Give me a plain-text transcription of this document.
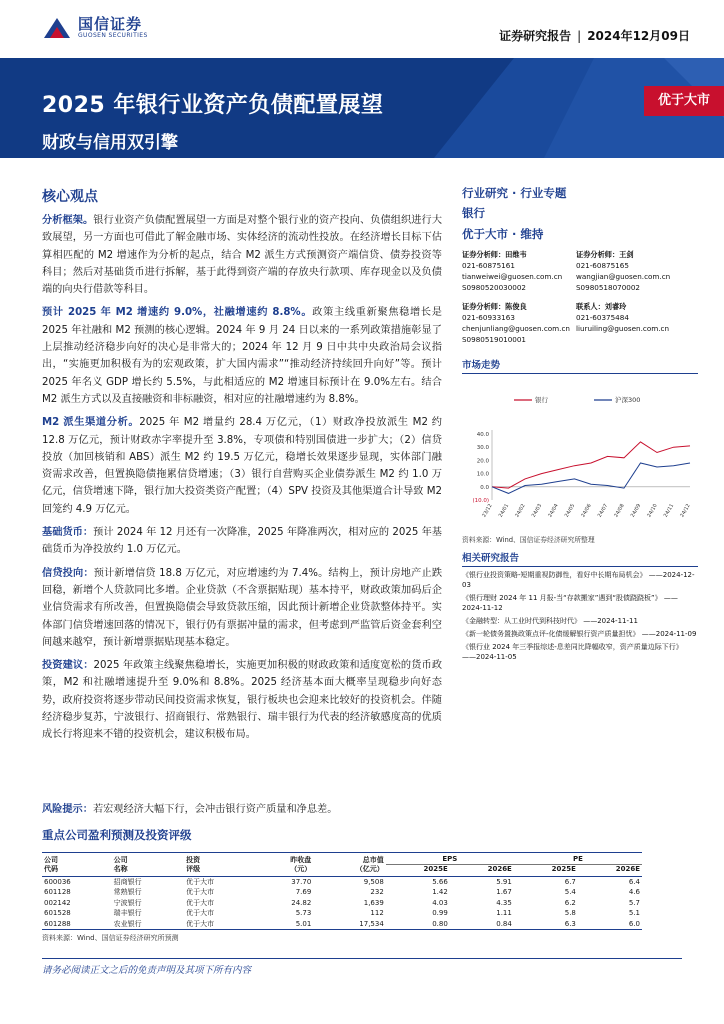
国信证券
GUOSEN SECURITIES	证券研究报告 | 2024年12月09日
2025 年银行业资产负债配置展望
财政与信用双引擎
优于大市
核心观点

分析框架。银行业资产负债配置展望一方面是对整个银行业的资产投向、负债组织进行大致展望，另一方面也可借此了解金融市场、实体经济的流动性投放。在经济增长目标下估算相匹配的 M2 增速作为分析的起点，结合 M2 派生方式预测资产端信贷、债券投资等科目；然后对基础货币进行拆解，基于此得到资产端的存放央行款项、库存现金以及负债端的向央行借款等科目。

预计 2025 年 M2 增速约 9.0%，社融增速约 8.8%。政策主线重新聚焦稳增长是 2025 年社融和 M2 预测的核心逻辑。2024 年 9 月 24 日以来的一系列政策措施彰显了上层推动经济稳步向好的决心是非常大的；2024 年 12 月 9 日中共中央政治局会议指出，“实施更加积极有为的宏观政策，扩大国内需求”“推动经济持续回升向好”等。预计 2025 年名义 GDP 增长约 5.5%，与此相适应的 M2 增速目标预计在 9.0%左右。结合 M2 派生方式以及直接融资和非标融资，相对应的社融增速约为 8.8%。

M2 派生渠道分析。2025 年 M2 增量约 28.4 万亿元，（1）财政净投放派生 M2 约 12.8 万亿元，预计财政赤字率提升至 3.8%，专项债和特别国债进一步扩大；（2）信贷投放（加回核销和 ABS）派生 M2 约 19.5 万亿元，稳增长效果逐步显现，实体部门融资需求改善，但置换隐债拖累信贷增速；（3）银行自营购买企业债券派生 M2 约 1.0 万亿元，信贷增速下降，银行加大投资类资产配置；（4）SPV 投资及其他渠道合计导致 M2 回笼约 4.9 万亿元。

基础货币：预计 2024 年 12 月还有一次降准，2025 年降准两次，相对应的 2025 年基础货币为净投放约 1.0 万亿元。

信贷投向：预计新增信贷 18.8 万亿元，对应增速约为 7.4%。结构上，预计房地产止跌回稳，新增个人贷款同比多增。企业贷款（不含票据贴现）基本持平，财政政策加码后企业信贷需求有所改善，但置换隐债会导致贷款压缩，因此预计新增企业贷款整体持平。实体部门信贷增速回落的情况下，银行仍有票据冲量的需求，但考虑到严监管后资金套利空间越来越窄，预计新增票据贴现基本稳定。

投资建议：2025 年政策主线聚焦稳增长，实施更加积极的财政政策和适度宽松的货币政策，M2 和社融增速提升至 9.0%和 8.8%。2025 经济基本面大概率呈现稳步向好态势，政府投资将逐步带动民间投资需求恢复，银行板块也会迎来比较好的投资机会。伴随经济稳步复苏，宁波银行、招商银行、常熟银行、瑞丰银行为代表的经济敏感度高的优质成长行将迎来不错的投资机会，建议积极布局。

风险提示：若宏观经济大幅下行，会冲击银行资产质量和净息差。

重点公司盈利预测及投资评级
公司	公司	投资	昨收盘	总市值	EPS		PE	
代码	名称	评级	（元）	（亿元）	2025E	2026E	2025E	2026E
600036	招商银行	优于大市	37.70	9,508	5.66	5.91	6.7	6.4
601128	常熟银行	优于大市	7.69	232	1.42	1.67	5.4	4.6
002142	宁波银行	优于大市	24.82	1,639	4.03	4.35	6.2	5.7
601528	瑞丰银行	优于大市	5.73	112	0.99	1.11	5.8	5.1
601288	农业银行	优于大市	5.01	17,534	0.80	0.84	6.3	6.0
资料来源：Wind、国信证券经济研究所预测
请务必阅读正文之后的免责声明及其项下所有内容
行业研究 · 行业专题
银行
优于大市 · 维持
证券分析师：田维韦
021-60875161
tianweiwei@guosen.com.cn
S0980520030002
证券分析师：王剑
021-60875165
wangjian@guosen.com.cn
S0980518070002
证券分析师：陈俊良
021-60933163
chenjunliang@guosen.com.cn
S0980519010001
联系人：刘睿玲
021-60375484
liuruiling@guosen.com.cn
市场走势
40.0
30.0
20.0
10.0
0.0
(10.0)
23/12 24/01 24/02 24/03 24/04 24/05 24/06 24/07 24/08 24/09 24/10 24/11 24/12
银行	沪深300
资料来源：Wind、国信证券经济研究所整理
相关研究报告
《银行业投资策略-短期重视防御性，看好中长期布局机会》 ——2024-12-03
《银行理财 2024 年 11 月报-当“存款搬家”遇到“股债跷跷板”》 ——2024-11-12
《金融转型：从工业时代到科技时代》 ——2024-11-11
《新一轮债务置换政策点评-化债缓解银行资产质量担忧》 ——2024-11-09
《银行业 2024 年三季报综述-息差同比降幅收窄，资产质量边际下行》 ——2024-11-05
